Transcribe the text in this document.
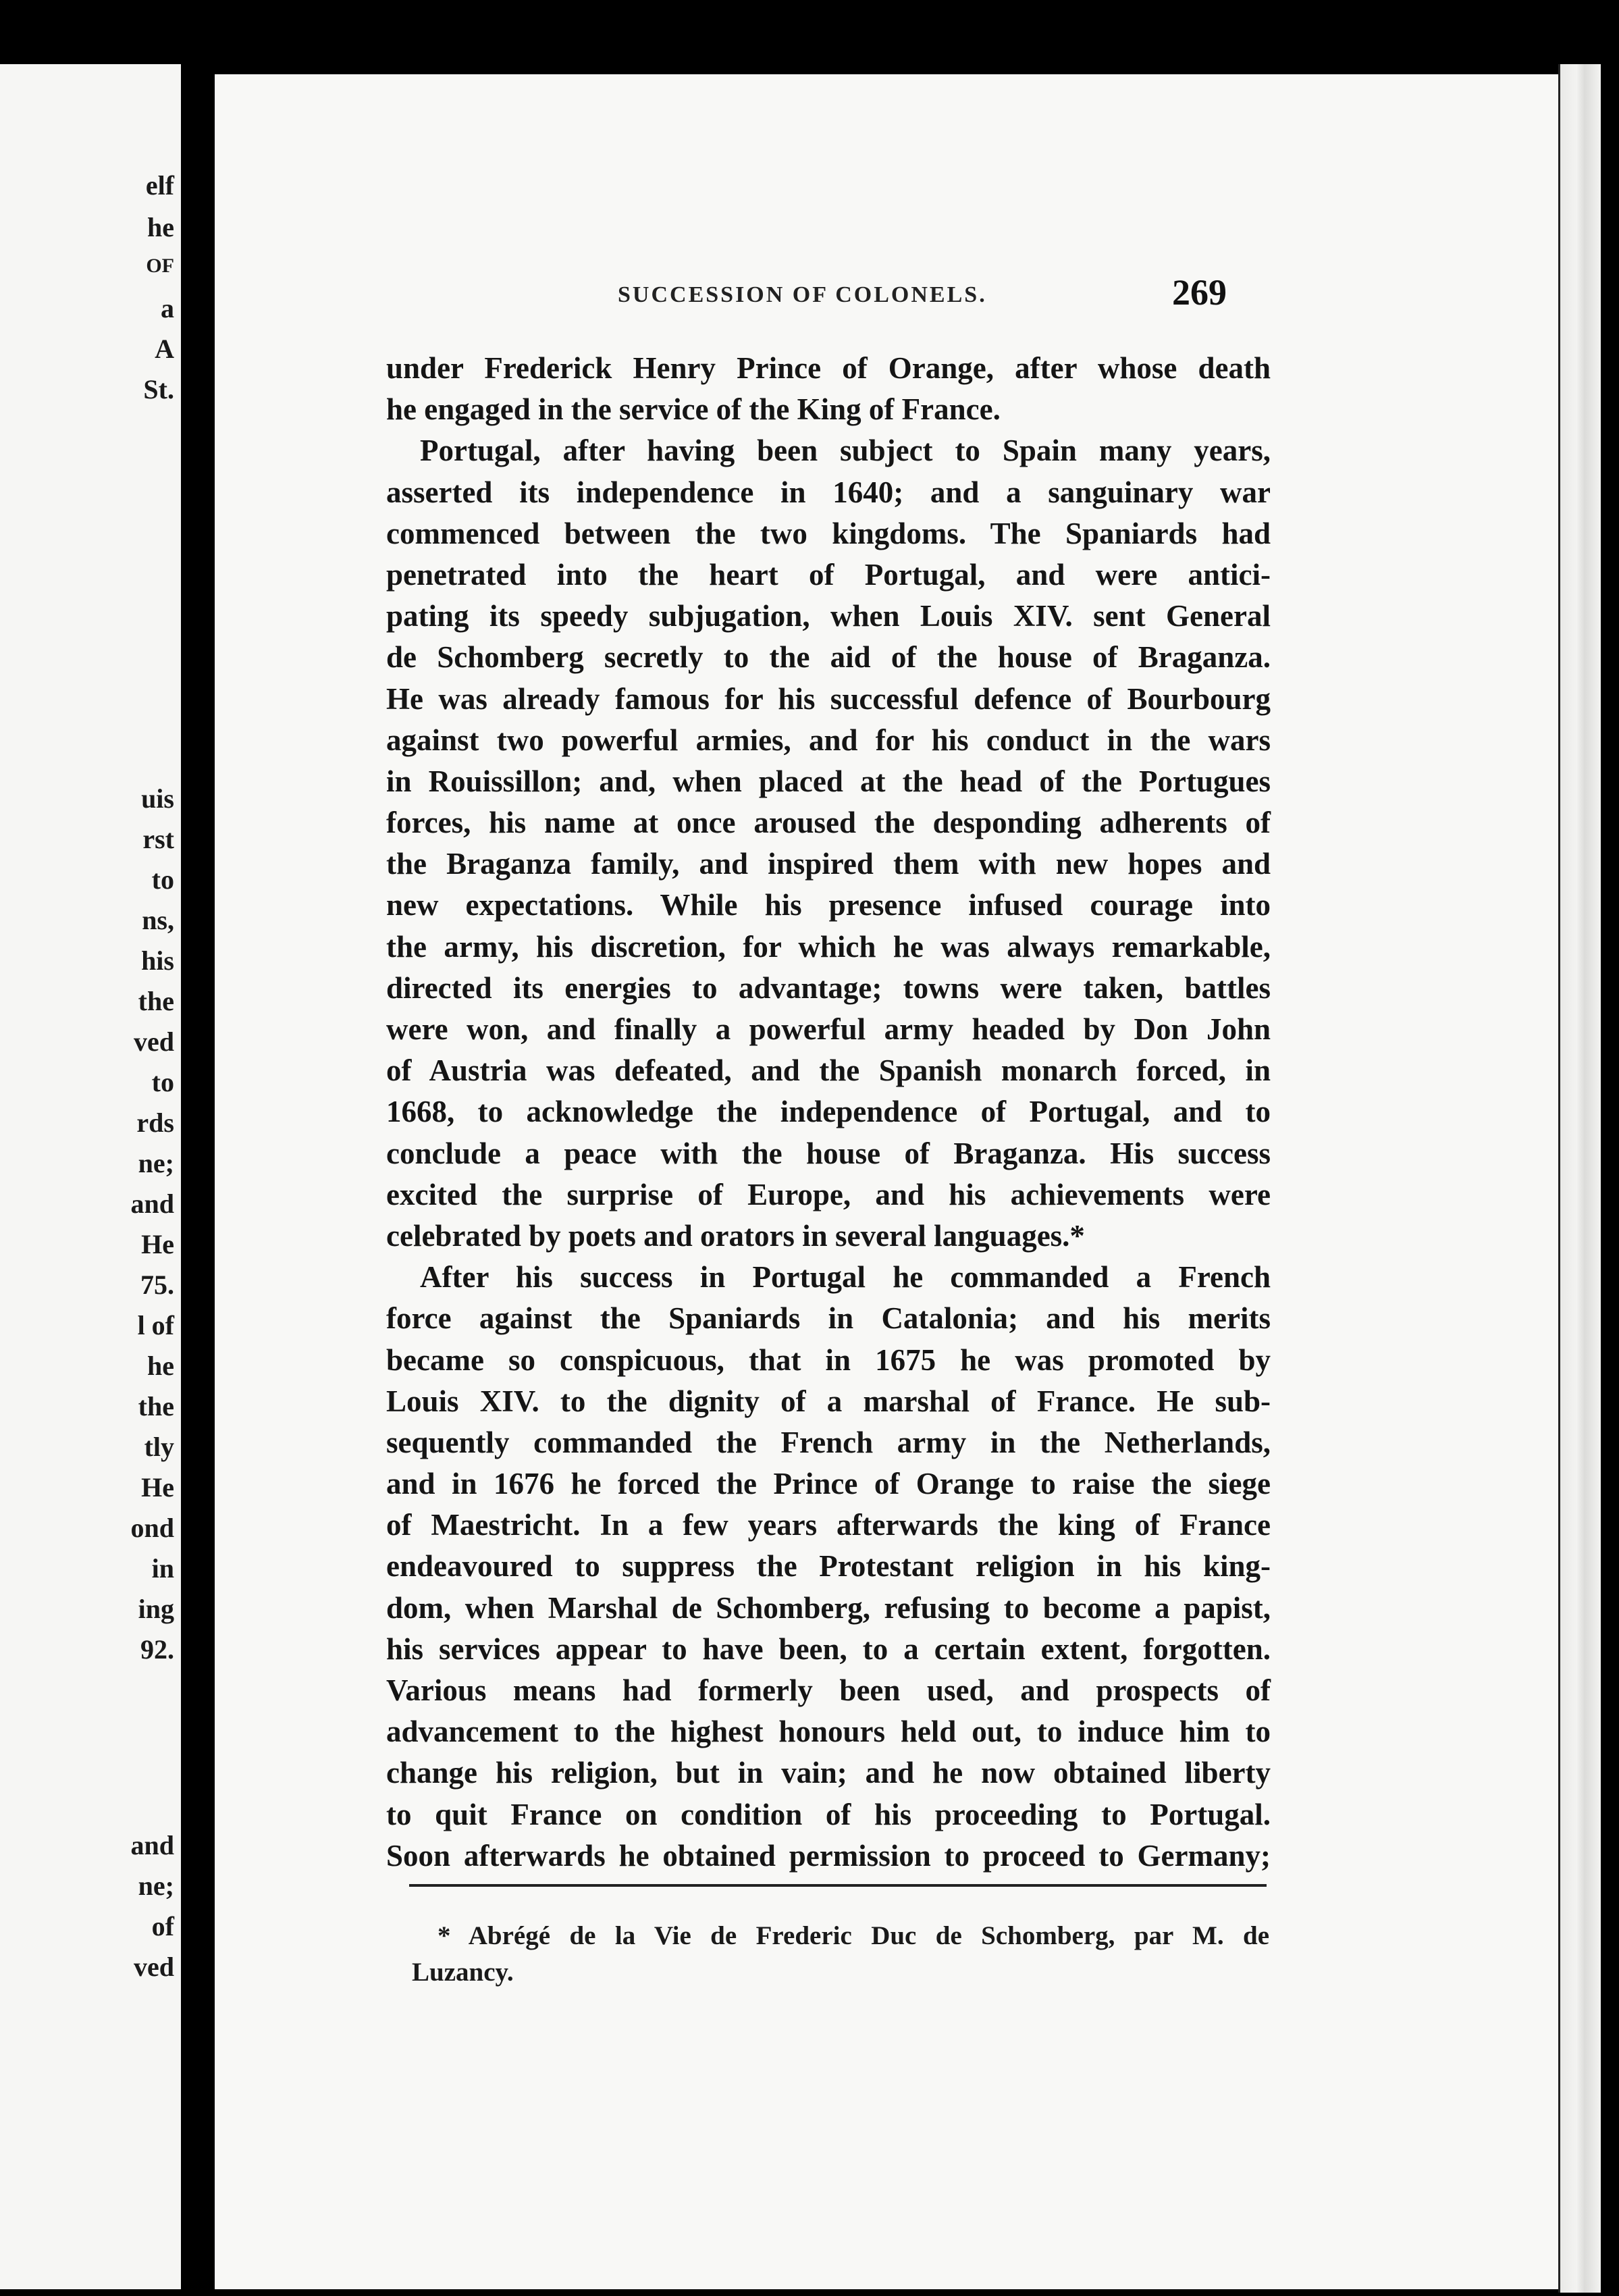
elf
he
OF
a
A
St.
uis
rst
to
ns,
his
the
ved
to
rds
ne;
and
He
75.
l of
he
the
tly
He
ond
in
ing
92.
and
ne;
of
ved
SUCCESSION OF COLONELS.	269
under Frederick Henry Prince of Orange, after whose death
he engaged in the service of the King of France.
Portugal, after having been subject to Spain many years,
asserted its independence in 1640; and a sanguinary war
commenced between the two kingdoms. The Spaniards had
penetrated into the heart of Portugal, and were antici-
pating its speedy subjugation, when Louis XIV. sent General
de Schomberg secretly to the aid of the house of Braganza.
He was already famous for his successful defence of Bourbourg
against two powerful armies, and for his conduct in the wars
in Rouissillon; and, when placed at the head of the Portugues
forces, his name at once aroused the desponding adherents of
the Braganza family, and inspired them with new hopes and
new expectations. While his presence infused courage into
the army, his discretion, for which he was always remarkable,
directed its energies to advantage; towns were taken, battles
were won, and finally a powerful army headed by Don John
of Austria was defeated, and the Spanish monarch forced, in
1668, to acknowledge the independence of Portugal, and to
conclude a peace with the house of Braganza. His success
excited the surprise of Europe, and his achievements were
celebrated by poets and orators in several languages.*
After his success in Portugal he commanded a French
force against the Spaniards in Catalonia; and his merits
became so conspicuous, that in 1675 he was promoted by
Louis XIV. to the dignity of a marshal of France. He sub-
sequently commanded the French army in the Netherlands,
and in 1676 he forced the Prince of Orange to raise the siege
of Maestricht. In a few years afterwards the king of France
endeavoured to suppress the Protestant religion in his king-
dom, when Marshal de Schomberg, refusing to become a papist,
his services appear to have been, to a certain extent, forgotten.
Various means had formerly been used, and prospects of
advancement to the highest honours held out, to induce him to
change his religion, but in vain; and he now obtained liberty
to quit France on condition of his proceeding to Portugal.
Soon afterwards he obtained permission to proceed to Germany;
* Abrégé de la Vie de Frederic Duc de Schomberg, par M. de
Luzancy.
